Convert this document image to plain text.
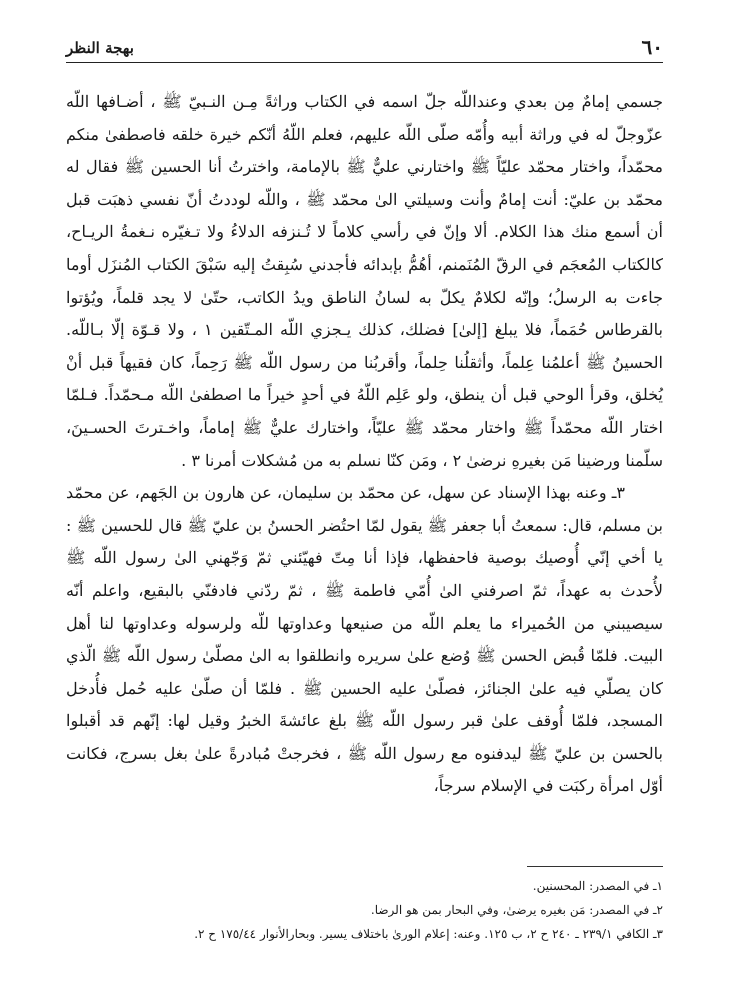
٦٠
بهجة النظر

جسمي إمامٌ مِن بعدي وعنداللّه جلّ اسمه في الكتاب وراثةً مِـن النـبيّ ﷺ ، أضـافها اللّه عزّوجلّ له في وراثة أبيه وأُمّه صلّى اللّه عليهم، فعلم اللّهُ أنّكم خيرة خلقه فاصطفىٰ منكم محمّداً، واختار محمّد عليّاً ﷺ واختارني عليٌّ ﷺ بالإمامة، واخترتُ أنا الحسين ﷺ فقال له محمّد بن عليّ: أنت إمامٌ وأنت وسيلتي الىٰ محمّد ﷺ ، واللّه لوددتُ أنّ نفسي ذهبَت قبل أن أسمع منك هذا الكلام. ألا وإنّ في رأسي كلاماً لا تُـنزفه الدلاءُ ولا تـغيّره نـغمةُ الريـاح، كالكتاب المُعجَم في الرقّ المُنَمنم، أهُمُّ بإبدائه فأجدني سُبِقتُ إليه سَبْقَ الكتاب المُنزَل أوما جاءت به الرسلُ؛ وإنّه لكلامٌ يكلّ به لسانُ الناطق ويدُ الكاتب، حتّىٰ لا يجد قلماً، ويُؤتوا بالقرطاس حُمَماً، فلا يبلغ [إلىٰ] فضلك، كذلك يـجزي اللّه المـتّقين ١ ، ولا قـوّة إلّا بـاللّه. الحسينُ ﷺ أعلمُنا عِلماً، وأثقلُنا حِلماً، وأقربُنا من رسول اللّه ﷺ رَحِماً، كان فقيهاً قبل أنْ يُخلق، وقرأ الوحي قبل أن ينطق، ولو عَلِم اللّهُ في أحدٍ خيراً ما اصطفىٰ اللّه مـحمّداً. فـلمّا اختار اللّه محمّداً ﷺ واختار محمّد ﷺ عليّاً، واختارك عليٌّ ﷺ إماماً، واخـترتَ الحسـينَ، سلّمنا ورضينا مَن بغيرهِ نرضىٰ ٢ ، ومَن كنّا نسلم به من مُشكلات أمرنا ٣ .

٣ـ وعنه بهذا الإسناد عن سهل، عن محمّد بن سليمان، عن هارون بن الجَهم، عن محمّد بن مسلم، قال: سمعتُ أبا جعفر ﷺ يقول لمّا احتُضر الحسنُ بن عليّ ﷺ قال للحسين ﷺ : يا أخي إنّي أُوصيك بوصية فاحفظها، فإذا أنا مِتّ فهيّئني ثمّ وَجّهني الىٰ رسول اللّه ﷺ لأُحدث به عهداً، ثمّ اصرفني الىٰ أُمّي فاطمة ﷺ ، ثمّ ردّني فادفنّي بالبقيع، واعلم أنّه سيصيبني من الحُميراء ما يعلم اللّه من صنيعها وعداوتها للّه ولرسوله وعداوتها لنا أهل البيت. فلمّا قُبض الحسن ﷺ وُضع علىٰ سريره وانطلقوا به الىٰ مصلّىٰ رسول اللّه ﷺ الّذي كان يصلّي فيه علىٰ الجنائز، فصلّىٰ عليه الحسين ﷺ . فلمّا أن صلّىٰ عليه حُمل فأُدخل المسجد، فلمّا أُوقف علىٰ قبر رسول اللّه ﷺ بلغ عائشةَ الخبرُ وقيل لها: إنّهم قد أقبلوا بالحسن بن عليّ ﷺ ليدفنوه مع رسول اللّه ﷺ ، فخرجتْ مُبادرةً علىٰ بغل بسرج، فكانت أوّل امرأة ركبَت في الإسلام سرجاً،

١ـ في المصدر: المحسنين.

٢ـ في المصدر: مَن بغيره يرضىٰ، وفي البحار بمن هو الرضا.

٣ـ الكافي ٢٣٩/١ ـ ٢٤٠ ح ٢، ب ١٢٥. وعنه: إعلام الورىٰ باختلاف يسير. وبحارالأنوار ١٧٥/٤٤ ح ٢.
